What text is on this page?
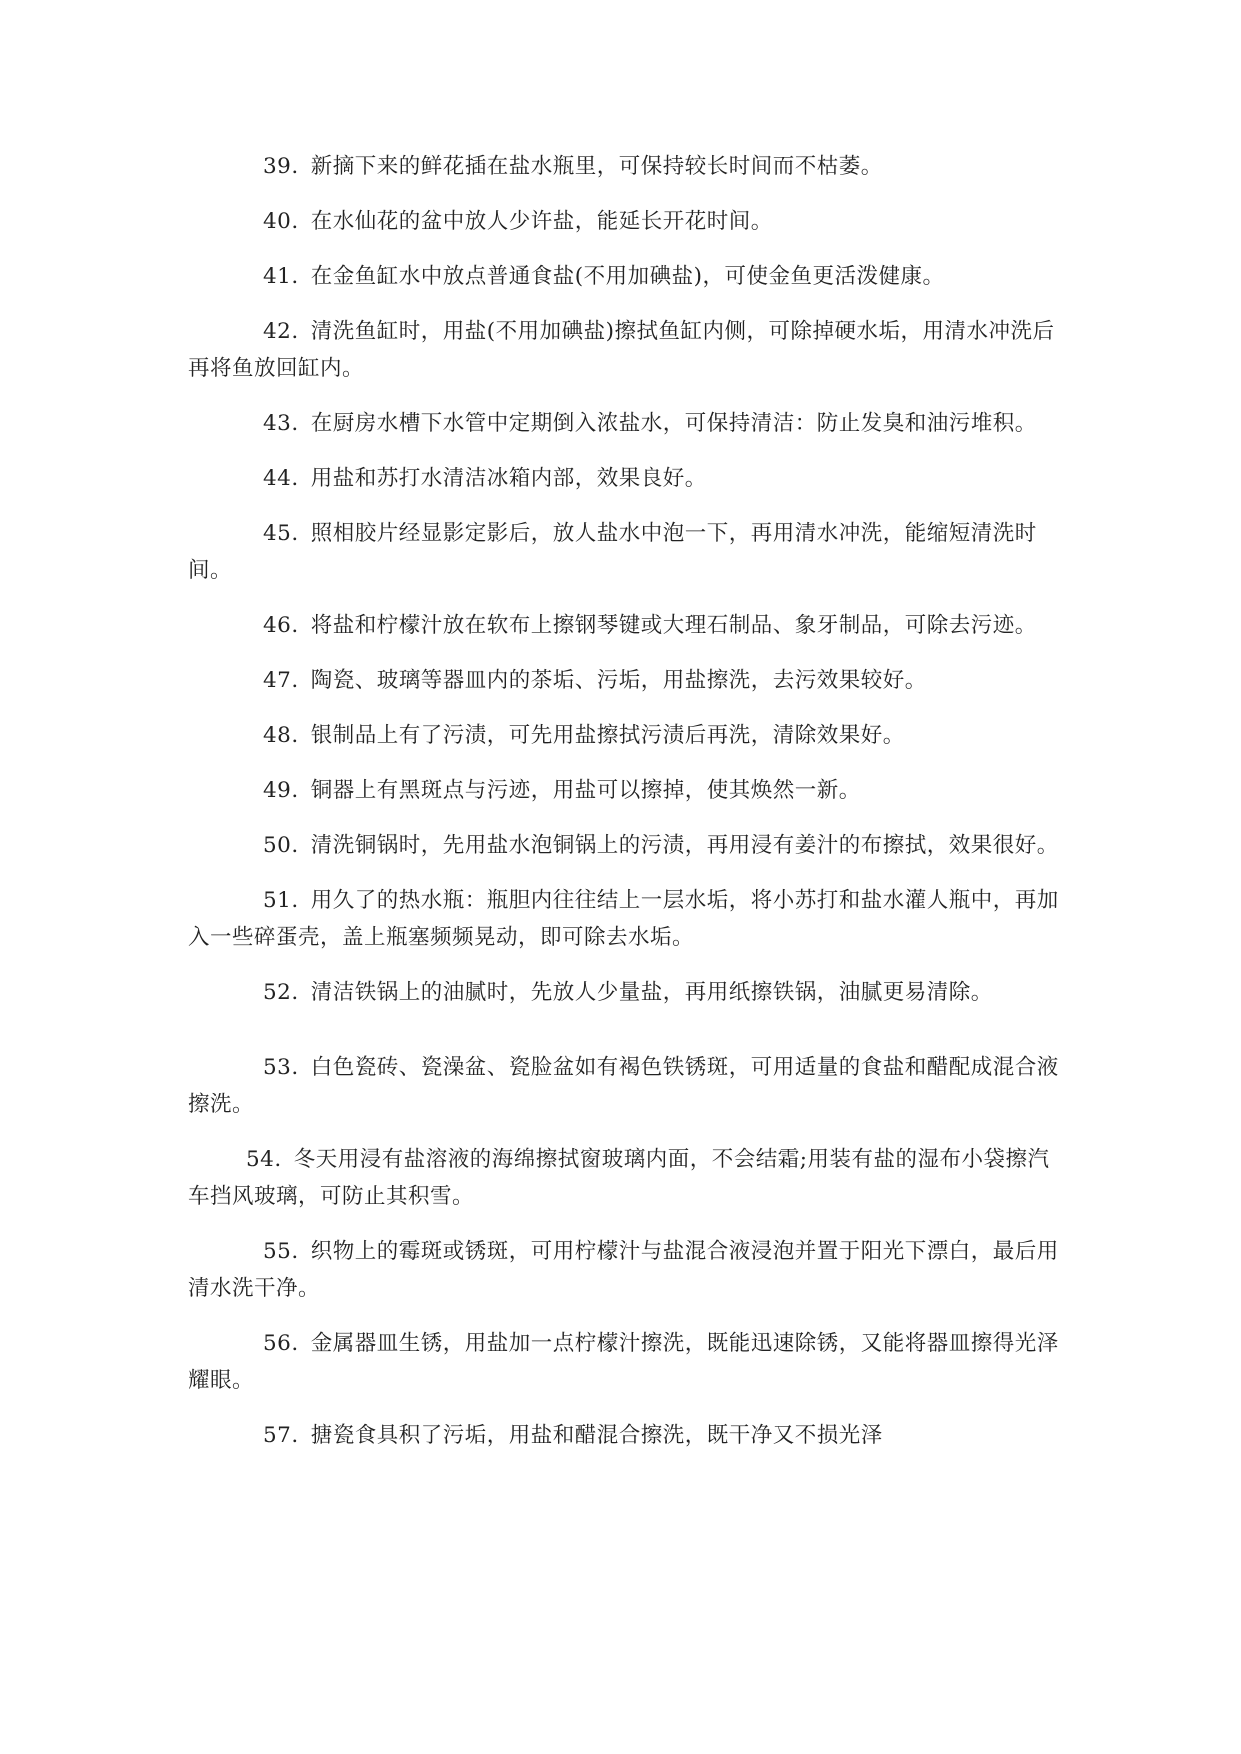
39. 新摘下来的鲜花插在盐水瓶里，可保持较长时间而不枯萎。

40. 在水仙花的盆中放人少许盐，能延长开花时间。

41. 在金鱼缸水中放点普通食盐(不用加碘盐)，可使金鱼更活泼健康。

42. 清洗鱼缸时，用盐(不用加碘盐)擦拭鱼缸内侧，可除掉硬水垢，用清水冲洗后再将鱼放回缸内。

43. 在厨房水槽下水管中定期倒入浓盐水，可保持清洁：防止发臭和油污堆积。

44. 用盐和苏打水清洁冰箱内部，效果良好。

45. 照相胶片经显影定影后，放人盐水中泡一下，再用清水冲洗，能缩短清洗时间。

46. 将盐和柠檬汁放在软布上擦钢琴键或大理石制品、象牙制品，可除去污迹。

47. 陶瓷、玻璃等器皿内的茶垢、污垢，用盐擦洗，去污效果较好。

48. 银制品上有了污渍，可先用盐擦拭污渍后再洗，清除效果好。

49. 铜器上有黑斑点与污迹，用盐可以擦掉，使其焕然一新。

50. 清洗铜锅时，先用盐水泡铜锅上的污渍，再用浸有姜汁的布擦拭，效果很好。

51. 用久了的热水瓶：瓶胆内往往结上一层水垢，将小苏打和盐水灌人瓶中，再加入一些碎蛋壳，盖上瓶塞频频晃动，即可除去水垢。

52. 清洁铁锅上的油腻时，先放人少量盐，再用纸擦铁锅，油腻更易清除。

53. 白色瓷砖、瓷澡盆、瓷脸盆如有褐色铁锈斑，可用适量的食盐和醋配成混合液擦洗。

54. 冬天用浸有盐溶液的海绵擦拭窗玻璃内面，不会结霜;用装有盐的湿布小袋擦汽车挡风玻璃，可防止其积雪。

55. 织物上的霉斑或锈斑，可用柠檬汁与盐混合液浸泡并置于阳光下漂白，最后用清水洗干净。

56. 金属器皿生锈，用盐加一点柠檬汁擦洗，既能迅速除锈，又能将器皿擦得光泽耀眼。

57. 搪瓷食具积了污垢，用盐和醋混合擦洗，既干净又不损光泽
